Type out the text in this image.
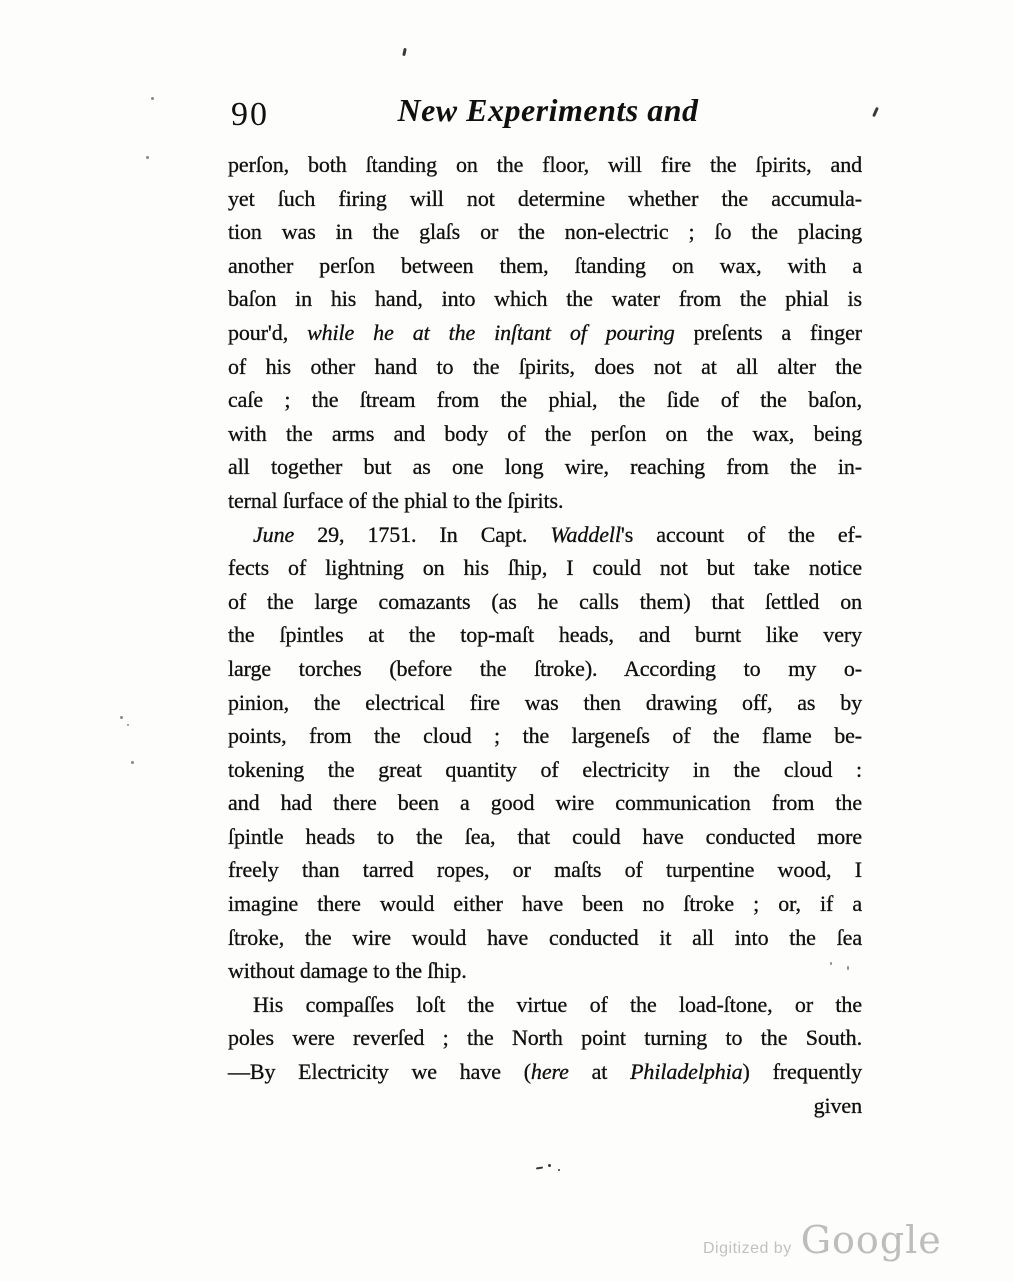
90	New Experiments and
perſon, both ſtanding on the floor, will fire the ſpirits, and
yet ſuch firing will not determine whether the accumula-
tion was in the glaſs or the non-electric ; ſo the placing
another perſon between them, ſtanding on wax, with a
baſon in his hand, into which the water from the phial is
pour'd, while he at the inſtant of pouring preſents a finger
of his other hand to the ſpirits, does not at all alter the
caſe ; the ſtream from the phial, the ſide of the baſon,
with the arms and body of the perſon on the wax, being
all together but as one long wire, reaching from the in-
ternal ſurface of the phial to the ſpirits.
June 29, 1751. In Capt. Waddell's account of the ef-
fects of lightning on his ſhip, I could not but take notice
of the large comazants (as he calls them) that ſettled on
the ſpintles at the top-maſt heads, and burnt like very
large torches (before the ſtroke). According to my o-
pinion, the electrical fire was then drawing off, as by
points, from the cloud ; the largeneſs of the flame be-
tokening the great quantity of electricity in the cloud :
and had there been a good wire communication from the
ſpintle heads to the ſea, that could have conducted more
freely than tarred ropes, or maſts of turpentine wood, I
imagine there would either have been no ſtroke ; or, if a
ſtroke, the wire would have conducted it all into the ſea
without damage to the ſhip.
His compaſſes loſt the virtue of the load-ſtone, or the
poles were reverſed ; the North point turning to the South.
—By Electricity we have (here at Philadelphia) frequently
given
Digitized by Google
